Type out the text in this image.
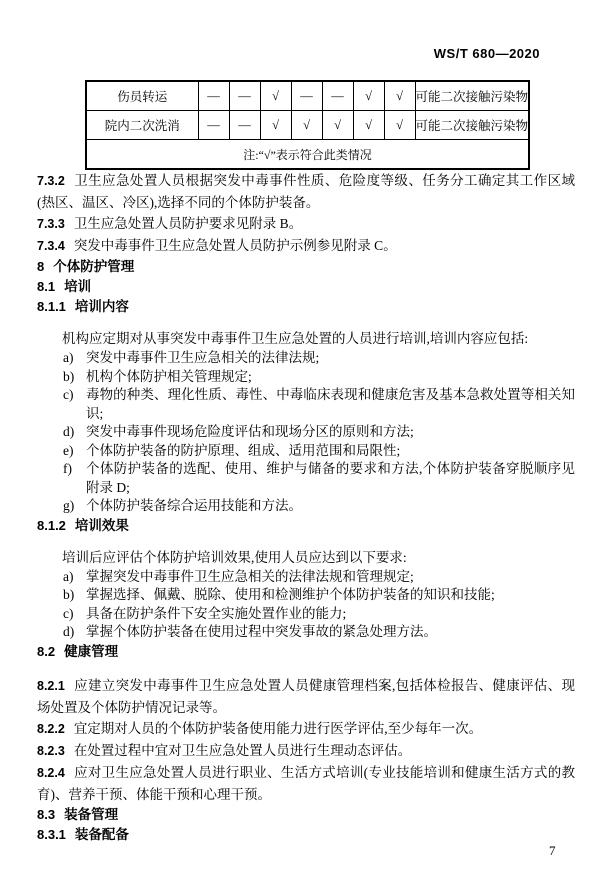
WS/T 680—2020
伤员转运	—	—	√	—	—	√	√	可能二次接触污染物
院内二次洗消	—	—	√	√	√	√	√	可能二次接触污染物
注:“√”表示符合此类情况								

7.3.2 卫生应急处置人员根据突发中毒事件性质、危险度等级、任务分工确定其工作区域(热区、温区、冷区),选择不同的个体防护装备。

7.3.3 卫生应急处置人员防护要求见附录 B。

7.3.4 突发中毒事件卫生应急处置人员防护示例参见附录 C。

8 个体防护管理
8.1 培训
8.1.1 培训内容

机构应定期对从事突发中毒事件卫生应急处置的人员进行培训,培训内容应包括:

a) 突发中毒事件卫生应急相关的法律法规;
b) 机构个体防护相关管理规定;
c) 毒物的种类、理化性质、毒性、中毒临床表现和健康危害及基本急救处置等相关知识;
d) 突发中毒事件现场危险度评估和现场分区的原则和方法;
e) 个体防护装备的防护原理、组成、适用范围和局限性;
f)	个体防护装备的选配、使用、维护与储备的要求和方法,个体防护装备穿脱顺序见附录 D;
g) 个体防护装备综合运用技能和方法。
8.1.2 培训效果

培训后应评估个体防护培训效果,使用人员应达到以下要求:

a) 掌握突发中毒事件卫生应急相关的法律法规和管理规定;
b) 掌握选择、佩戴、脱除、使用和检测维护个体防护装备的知识和技能;
c) 具备在防护条件下安全实施处置作业的能力;
d) 掌握个体防护装备在使用过程中突发事故的紧急处理方法。
8.2 健康管理

8.2.1 应建立突发中毒事件卫生应急处置人员健康管理档案,包括体检报告、健康评估、现场处置及个体防护情况记录等。

8.2.2 宜定期对人员的个体防护装备使用能力进行医学评估,至少每年一次。

8.2.3 在处置过程中宜对卫生应急处置人员进行生理动态评估。

8.2.4 应对卫生应急处置人员进行职业、生活方式培训(专业技能培训和健康生活方式的教育)、营养干预、体能干预和心理干预。

8.3 装备管理
8.3.1 装备配备
7
